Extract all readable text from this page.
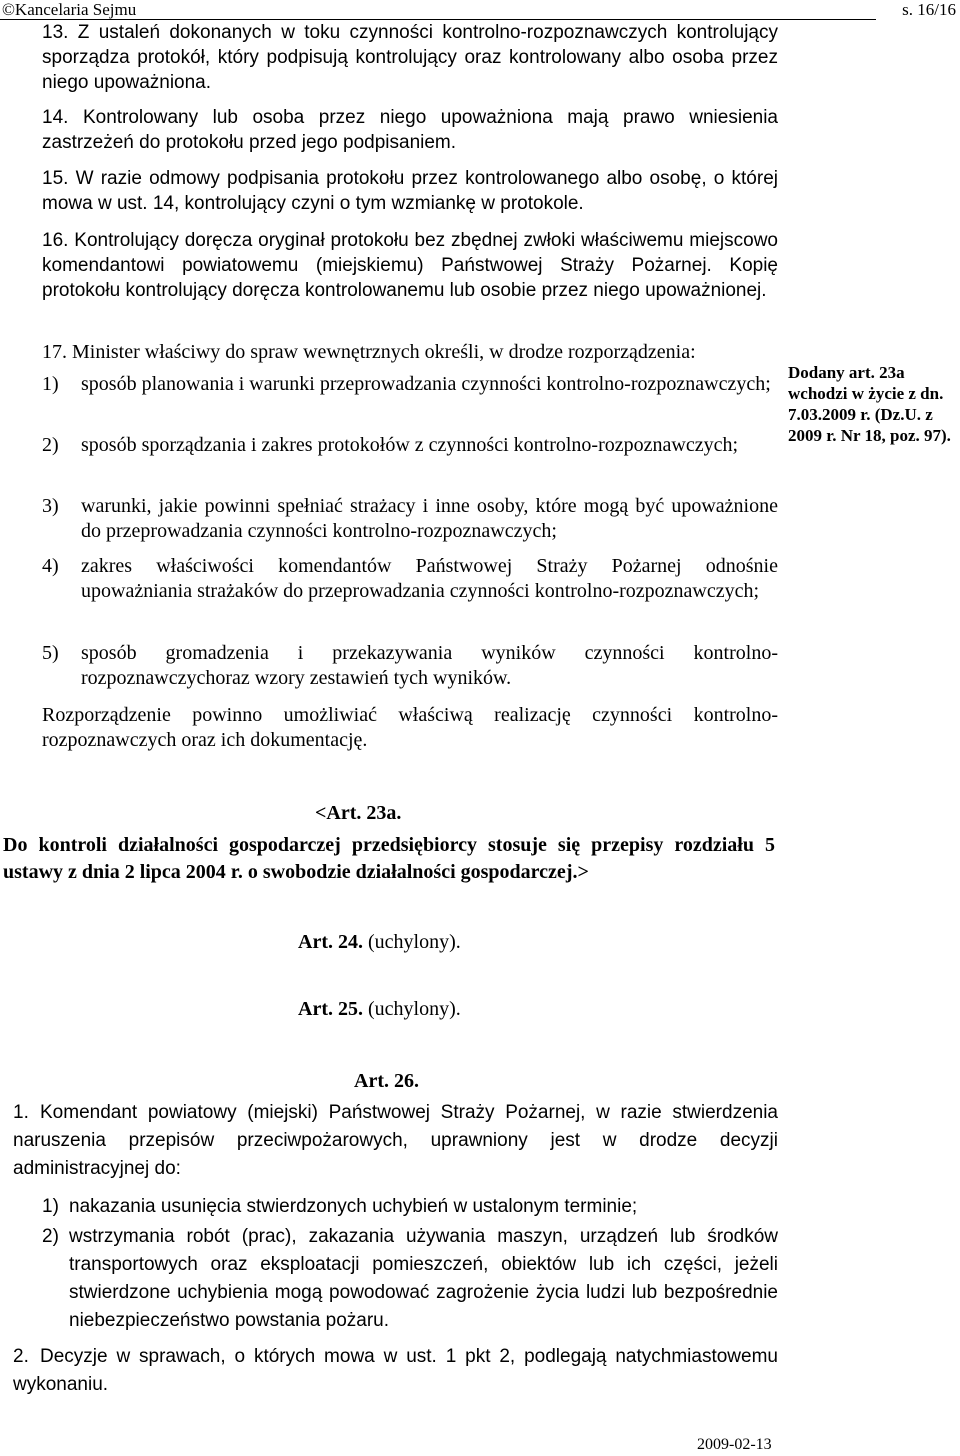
©Kancelaria Sejmu	s. 16/16

13. Z ustaleń dokonanych w toku czynności kontrolno-rozpoznawczych kontrolujący sporządza protokół, który podpisują kontrolujący oraz kontrolowany albo osoba przez niego upoważniona.

14. Kontrolowany lub osoba przez niego upoważniona mają prawo wniesienia zastrzeżeń do protokołu przed jego podpisaniem.

15. W razie odmowy podpisania protokołu przez kontrolowanego albo osobę, o której mowa w ust. 14, kontrolujący czyni o tym wzmiankę w protokole.

16. Kontrolujący doręcza oryginał protokołu bez zbędnej zwłoki właściwemu miejscowo komendantowi powiatowemu (miejskiemu) Państwowej Straży Pożarnej. Kopię protokołu kontrolujący doręcza kontrolowanemu lub osobie przez niego upoważnionej.

17. Minister właściwy do spraw wewnętrznych określi, w drodze rozporządzenia:

1)	sposób planowania i warunki przeprowadzania czynności kontrolno-rozpoznawczych;
2)	sposób sporządzania i zakres protokołów z czynności kontrolno-rozpoznawczych;
3)	warunki, jakie powinni spełniać strażacy i inne osoby, które mogą być upoważnione do przeprowadzania czynności kontrolno-rozpoznawczych;
4)	zakres właściwości komendantów Państwowej Straży Pożarnej odnośnie upoważniania strażaków do przeprowadzania czynności kontrolno-rozpoznawczych;
5)	sposób gromadzenia i przekazywania wyników czynności kontrolno-rozpoznawczychoraz wzory zestawień tych wyników.

Rozporządzenie powinno umożliwiać właściwą realizację czynności kontrolno-rozpoznawczych oraz ich dokumentację.

Dodany art. 23a wchodzi w życie z dn. 7.03.2009 r. (Dz.U. z 2009 r. Nr 18, poz. 97).
<Art. 23a.

Do kontroli działalności gospodarczej przedsiębiorcy stosuje się przepisy rozdziału 5 ustawy z dnia 2 lipca 2004 r. o swobodzie działalności gospodarczej.>

Art. 24. (uchylony).
Art. 25. (uchylony).
Art. 26.

1. Komendant powiatowy (miejski) Państwowej Straży Pożarnej, w razie stwierdzenia naruszenia przepisów przeciwpożarowych, uprawniony jest w drodze decyzji administracyjnej do:

1) nakazania usunięcia stwierdzonych uchybień w ustalonym terminie;
2) wstrzymania robót (prac), zakazania używania maszyn, urządzeń lub środków transportowych oraz eksploatacji pomieszczeń, obiektów lub ich części, jeżeli stwierdzone uchybienia mogą powodować zagrożenie życia ludzi lub bezpośrednie niebezpieczeństwo powstania pożaru.

2. Decyzje w sprawach, o których mowa w ust. 1 pkt 2, podlegają natychmiastowemu wykonaniu.

2009-02-13
